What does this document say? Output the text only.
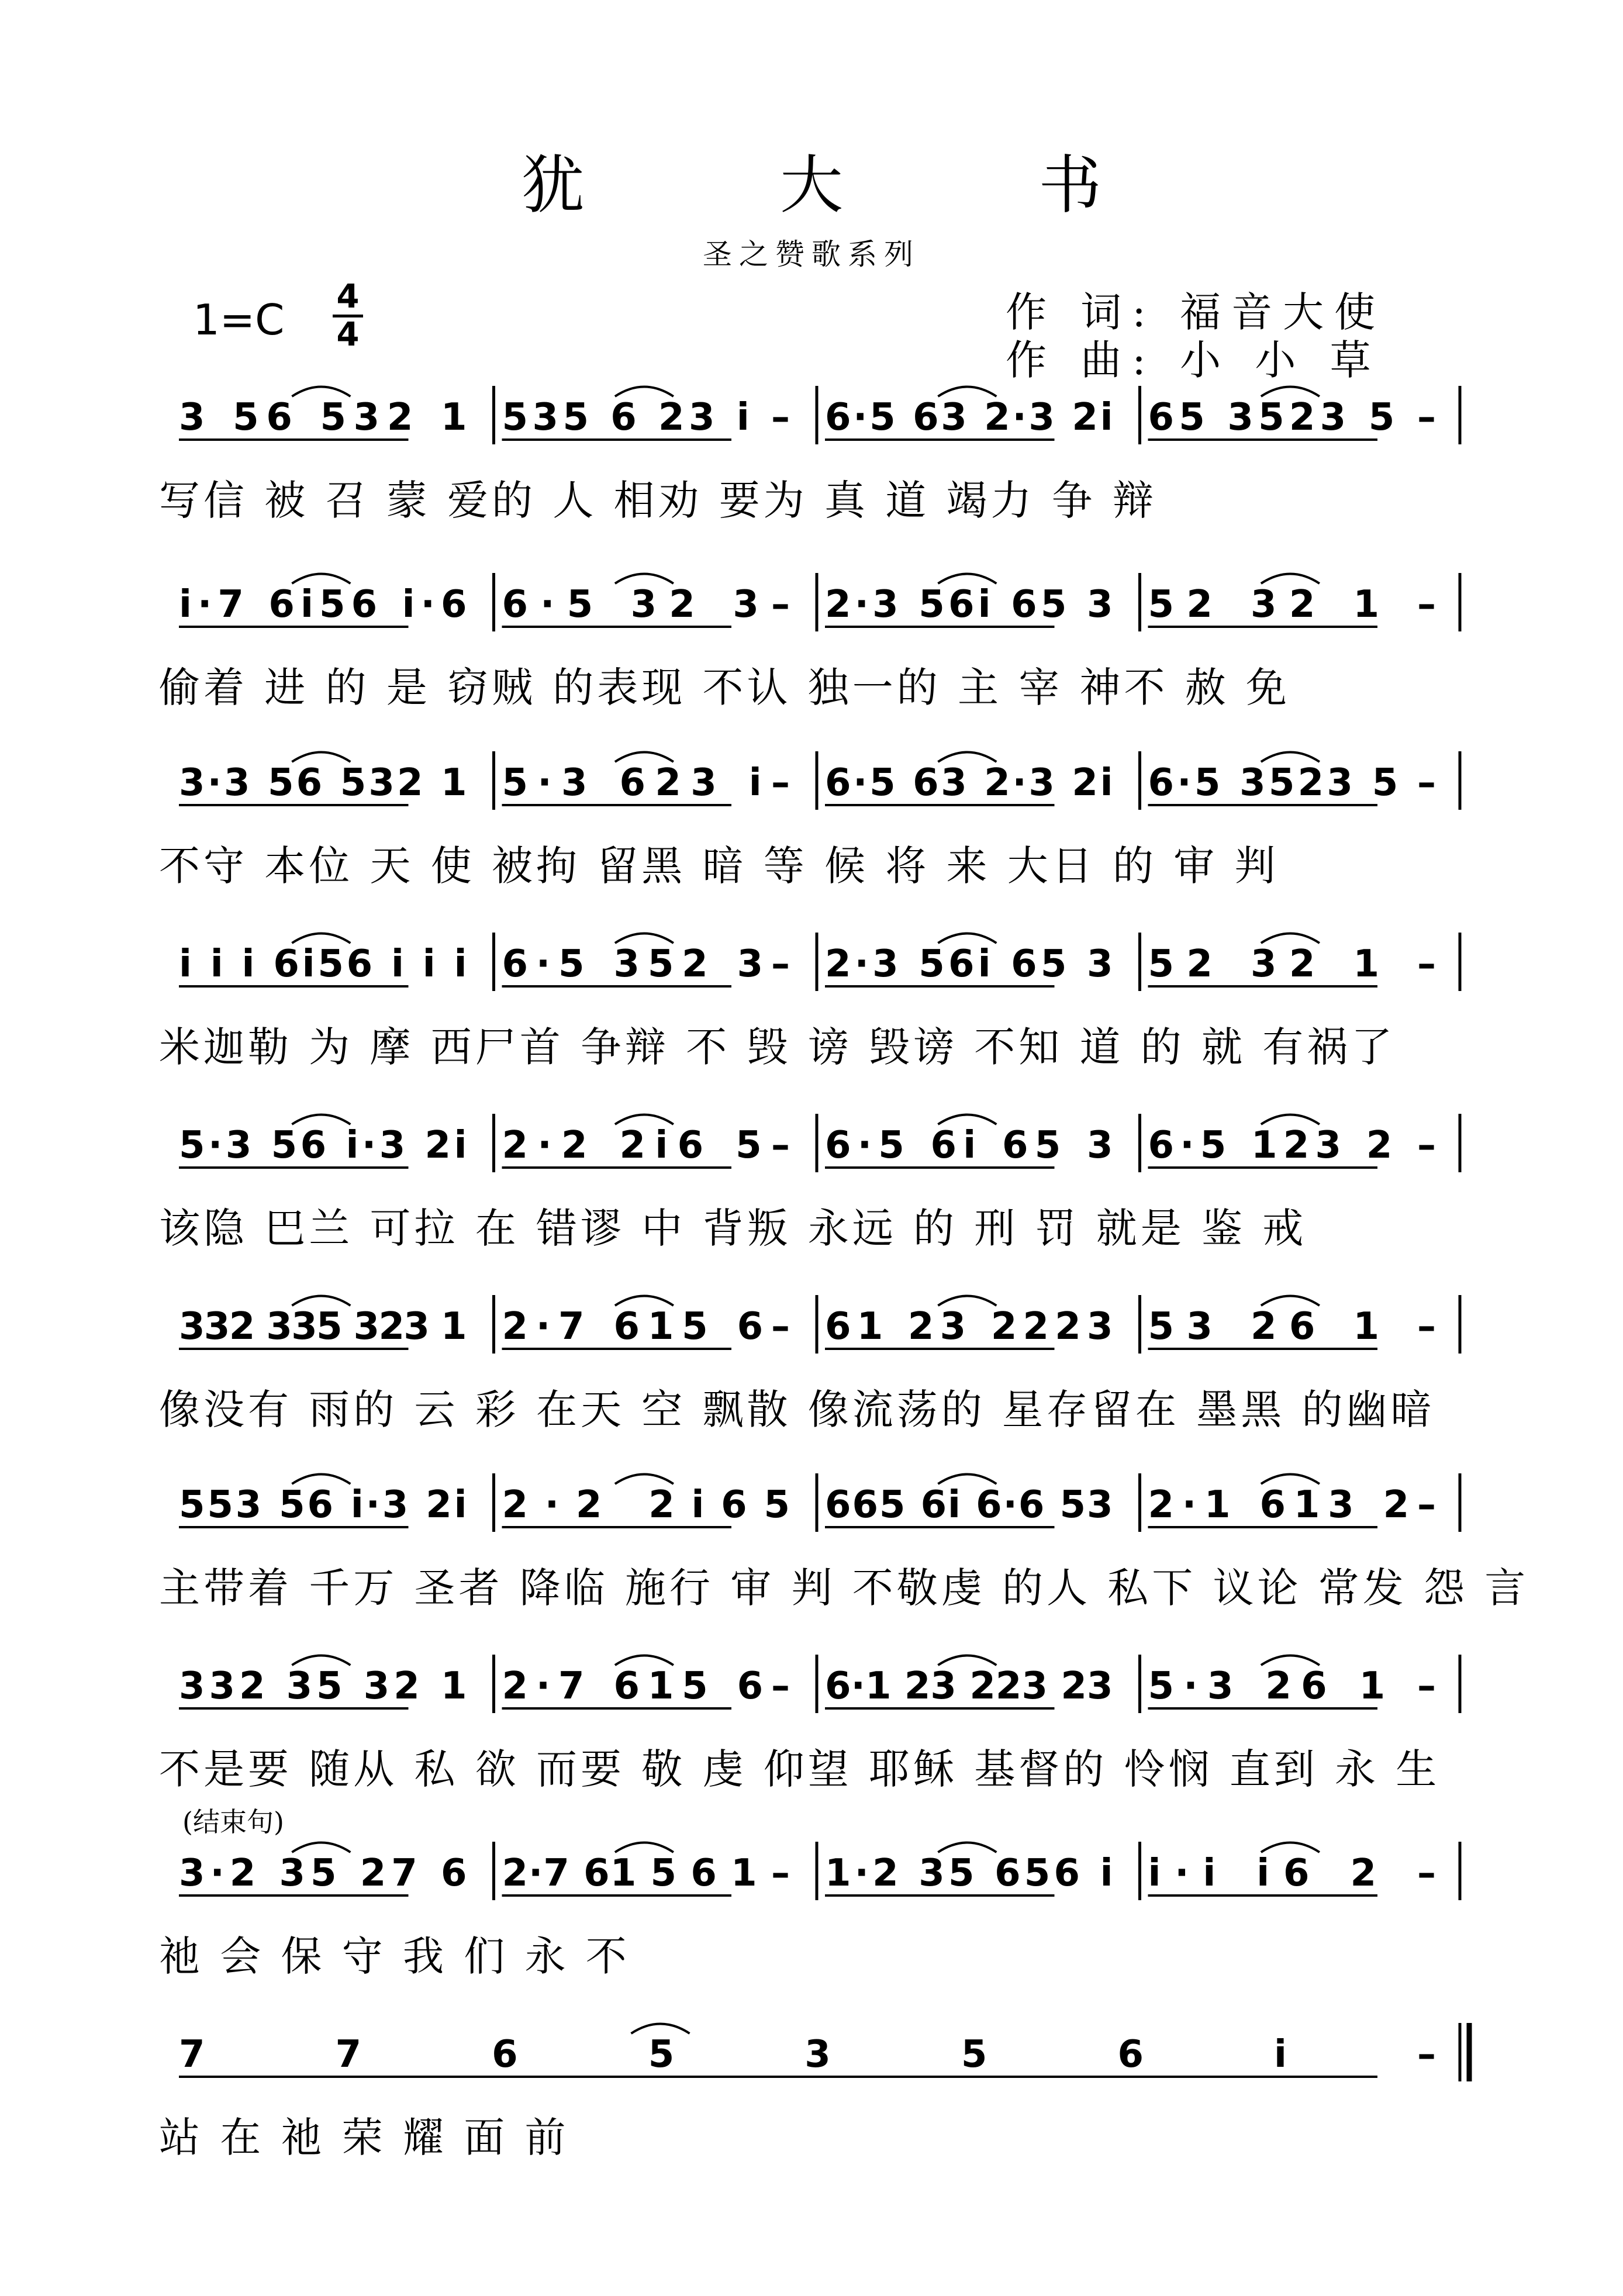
犹 大 书
圣之赞歌系列
1=C 4
4	作 词: 福音大使
作 曲: 小 小 草
3 56 532 1 535 6 23 i – 6·5 63 2·3 2i 65 3523 5 –
写信 被 召 蒙 爱的 人 相劝 要为 真 道 竭力 争 辩
i·7 6i56 i·6 6·5 32 3– 2·3 56i 65 3 52 32 1 –
偷着 进 的 是 窃贼 的表现 不认 独一的 主 宰 神不 赦 免
3·3 56 532 1 5·3 623 i– 6·5 63 2·3 2i 6·5 3523 5 –
不守 本位 天 使 被拘 留黑 暗 等 候 将 来 大日 的 审 判
i i i 6i56 i i i 6·5 352 3– 2·3 56i 65 3 52 32 1 –
米迦勒 为 摩 西尸首 争辩 不 毁 谤 毁谤 不知 道 的 就 有祸了
5·3 56 i·3 2i 2·2 2i6 5– 6·5 6i 65 3 6·5 123 2 –
该隐 巴兰 可拉 在 错谬 中 背叛 永远 的 刑 罚 就是 鉴 戒
332 335 323 1 2·7 615 6– 61 23 2223 53 26 1 –
像没有 雨的 云 彩 在天 空 飘散 像流荡的 星存留在 墨黑 的幽暗
553 56 i·3 2i 2·2 2i65 665 6i 6·6 53 2·1 613 2–
主带着 千万 圣者 降临 施行 审 判 不敬虔 的人 私下 议论 常发 怨 言
332 35 32 1 2·7 615 6– 6·1 23 223 23 5·3 26 1 –
不是要 随从 私 欲 而要 敬 虔 仰望 耶稣 基督的 怜悯 直到 永 生
3·2 35 27 6 2·7 61 5 6 1 – 1·2 35 656 i i·i i6 2 –
祂 会 保 守 我 们 永 不
(结束句)
7 7 6 5 3 5 6 i –
站 在 祂 荣 耀 面 前
